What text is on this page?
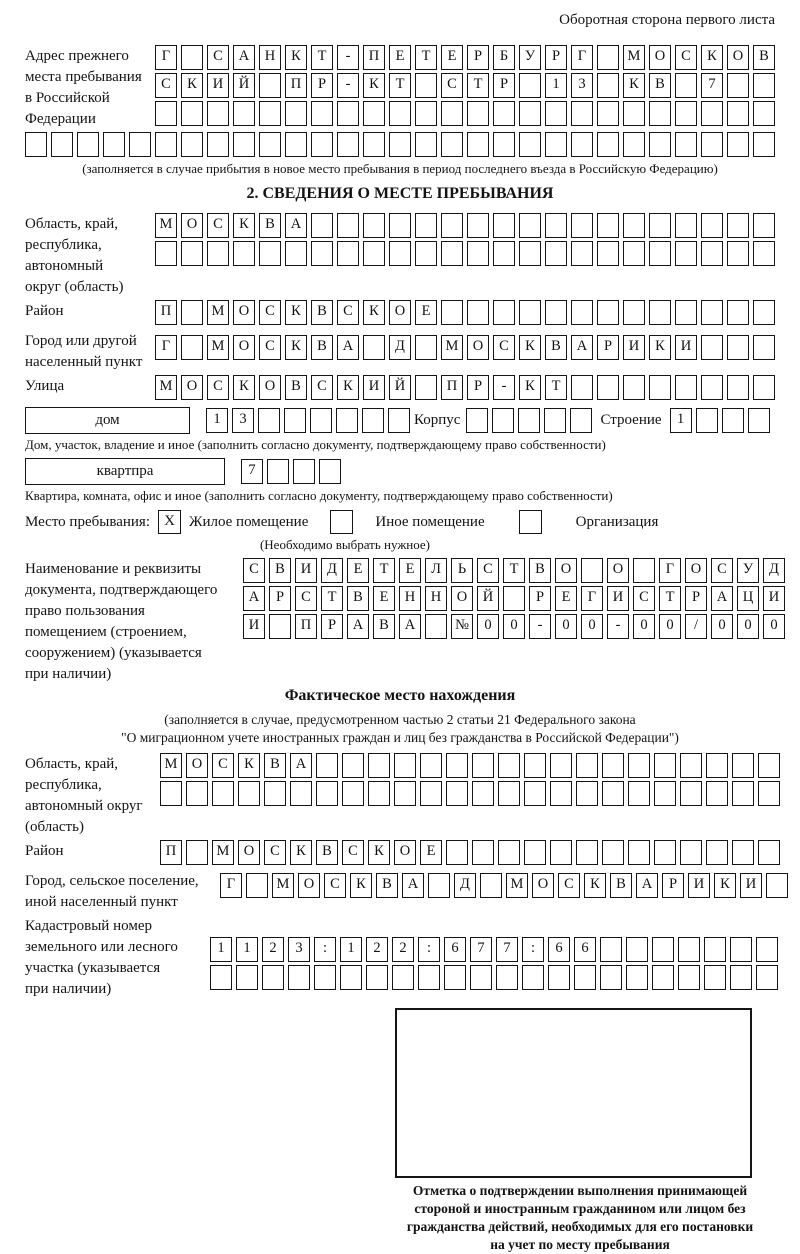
Оборотная сторона первого листа
Адрес прежнего
места пребывания
в Российской
Федерации
Г	С А Н К Т - П Е Т Е Р Б У Р Г	М О С К О В
С К И Й	П Р - К Т	С Т Р	1 3	К В	7
(заполняется в случае прибытия в новое место пребывания в период последнего въезда в Российскую Федерацию)
2. СВЕДЕНИЯ О МЕСТЕ ПРЕБЫВАНИЯ
Область, край,
республика,
автономный
округ (область)
М О С К В А
Район	П	М О С К В С К О Е
Город или другой
населенный пункт
Г	М О С К В А	Д	М О С К В А Р И К И
Улица	М О С К О В С К И Й	П Р - К Т
дом	1 3	Корпус	Строение	1
Дом, участок, владение и иное (заполнить согласно документу, подтверждающему право собственности)
квартпра	7
Квартира, комната, офис и иное (заполнить согласно документу, подтверждающему право собственности)
Место пребывания: X Жилое помещение	Иное помещение	Организация
(Необходимо выбрать нужное)
Наименование и реквизиты
документа, подтверждающего
право пользования
помещением (строением,
сооружением) (указывается
при наличии)
С В И Д Е Т Е Л Ь С Т В О	О	Г О С У Д
А Р С Т В Е Н Н О Й	Р Е Г И С Т Р А Ц И
И	П Р А В А	№ 0 0 - 0 0 - 0 0 / 0 0 0
Фактическое место нахождения
(заполняется в случае, предусмотренном частью 2 статьи 21 Федерального закона
"О миграционном учете иностранных граждан и лиц без гражданства в Российской Федерации")
Область, край,
республика,
автономный округ
(область)
М О С К В А
Район	П	М О С К В С К О Е
Город, сельское поселение,
иной населенный пункт
Г	М О С К В А	Д	М О С К В А Р И К И
Кадастровый номер
земельного или лесного
участка (указывается
при наличии)
1 1 2 3 : 1 2 2 : 6 7 7 : 6 6
Отметка о подтверждении выполнения принимающей
стороной и иностранным гражданином или лицом без
гражданства действий, необходимых для его постановки
на учет по месту пребывания
